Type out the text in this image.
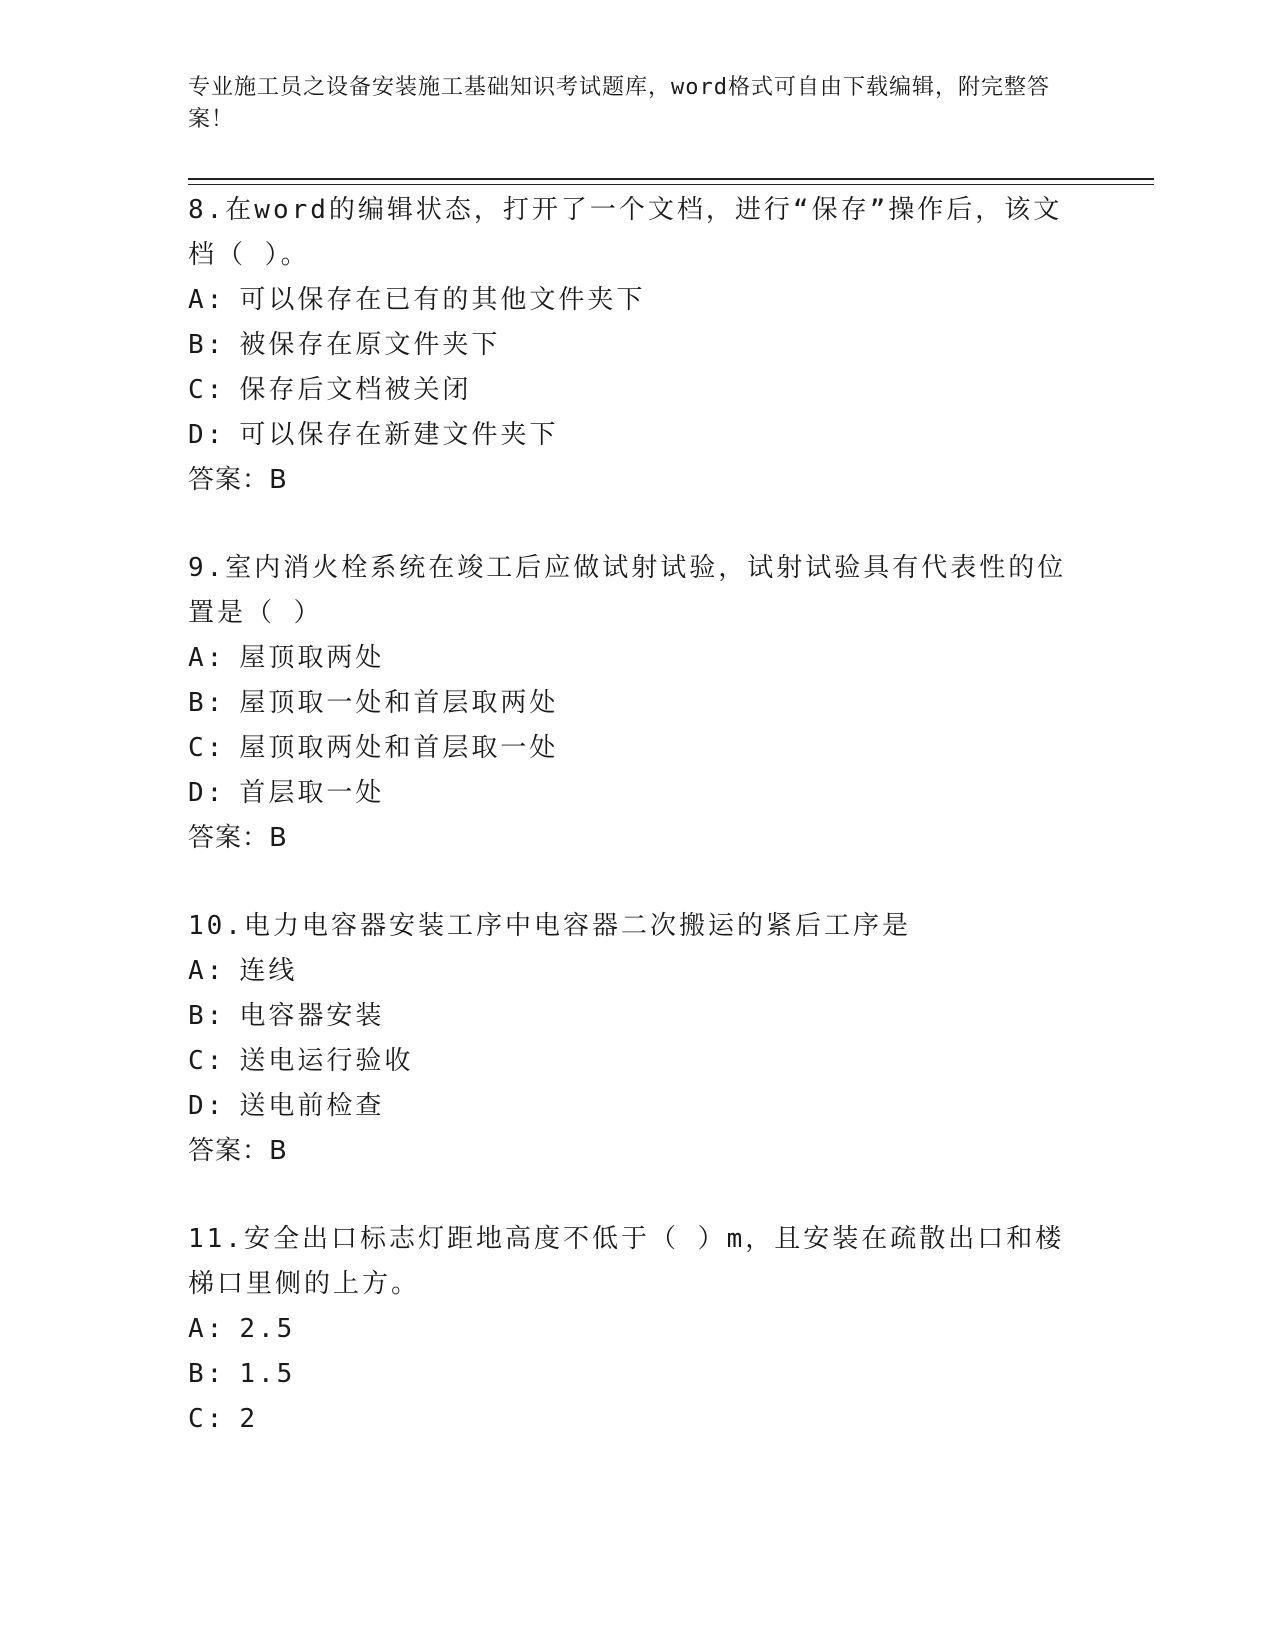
专业施工员之设备安装施工基础知识考试题库，word格式可自由下载编辑，附完整答案！

8.在word的编辑状态，打开了一个文档，进行“保存”操作后，该文档（ ）。

A: 可以保存在已有的其他文件夹下

B: 被保存在原文件夹下

C: 保存后文档被关闭

D: 可以保存在新建文件夹下

答案：B

9.室内消火栓系统在竣工后应做试射试验，试射试验具有代表性的位置是（ ）

A: 屋顶取两处

B: 屋顶取一处和首层取两处

C: 屋顶取两处和首层取一处

D: 首层取一处

答案：B

10.电力电容器安装工序中电容器二次搬运的紧后工序是

A: 连线

B: 电容器安装

C: 送电运行验收

D: 送电前检查

答案：B

11.安全出口标志灯距地高度不低于（ ）m，且安装在疏散出口和楼梯口里侧的上方。

A: 2.5

B: 1.5

C: 2
